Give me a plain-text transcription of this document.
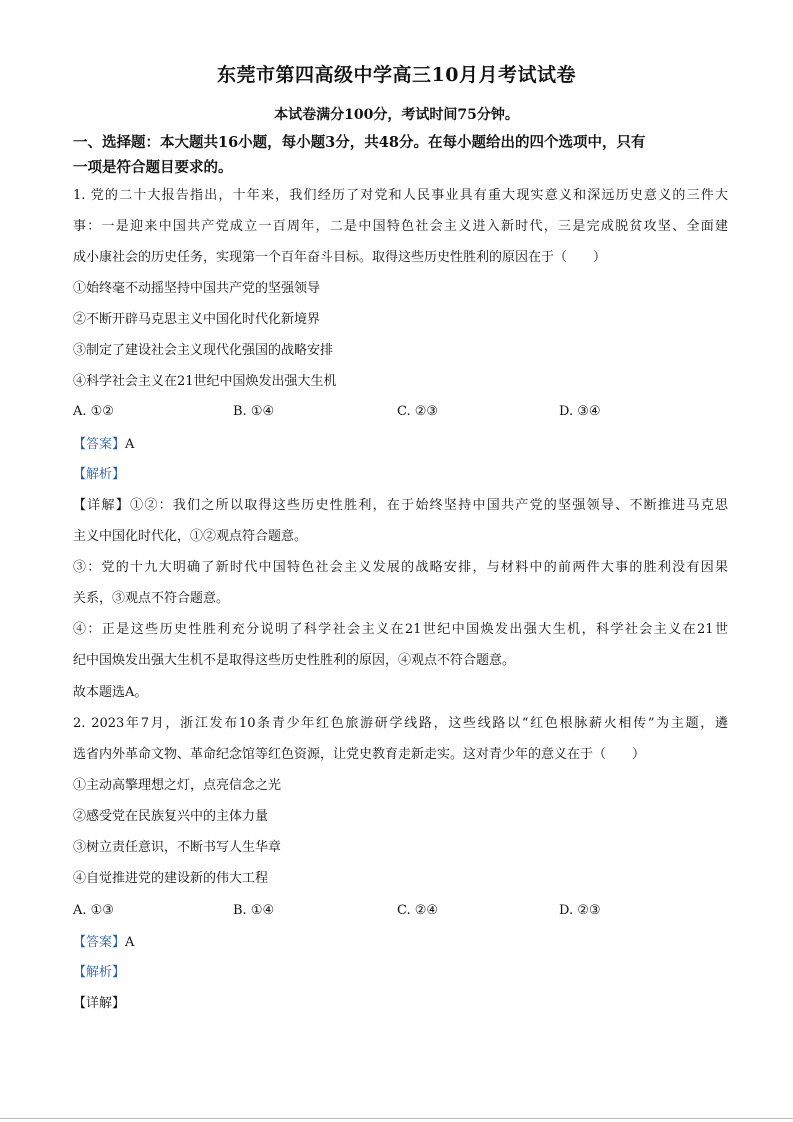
东莞市第四高级中学高三10月月考试试卷
本试卷满分100分，考试时间75分钟。
一、选择题：本大题共16小题，每小题3分，共48分。在每小题给出的四个选项中，只有
一项是符合题目要求的。
1. 党的二十大报告指出，十年来，我们经历了对党和人民事业具有重大现实意义和深远历史意义的三件大
事：一是迎来中国共产党成立一百周年，二是中国特色社会主义进入新时代，三是完成脱贫攻坚、全面建
成小康社会的历史任务，实现第一个百年奋斗目标。取得这些历史性胜利的原因在于（　　）
①始终毫不动摇坚持中国共产党的坚强领导
②不断开辟马克思主义中国化时代化新境界
③制定了建设社会主义现代化强国的战略安排
④科学社会主义在21世纪中国焕发出强大生机
A. ①②	B. ①④	C. ②③	D. ③④
【答案】A
【解析】
【详解】①②：我们之所以取得这些历史性胜利，在于始终坚持中国共产党的坚强领导、不断推进马克思
主义中国化时代化，①②观点符合题意。
③：党的十九大明确了新时代中国特色社会主义发展的战略安排，与材料中的前两件大事的胜利没有因果
关系，③观点不符合题意。
④：正是这些历史性胜利充分说明了科学社会主义在21世纪中国焕发出强大生机，科学社会主义在21世
纪中国焕发出强大生机不是取得这些历史性胜利的原因，④观点不符合题意。
故本题选A。
2. 2023年7月，浙江发布10条青少年红色旅游研学线路，这些线路以“红色根脉薪火相传”为主题，遴
选省内外革命文物、革命纪念馆等红色资源，让党史教育走新走实。这对青少年的意义在于（　　）
①主动高擎理想之灯，点亮信念之光
②感受党在民族复兴中的主体力量
③树立责任意识，不断书写人生华章
④自觉推进党的建设新的伟大工程
A. ①③	B. ①④	C. ②④	D. ②③
【答案】A
【解析】
【详解】
